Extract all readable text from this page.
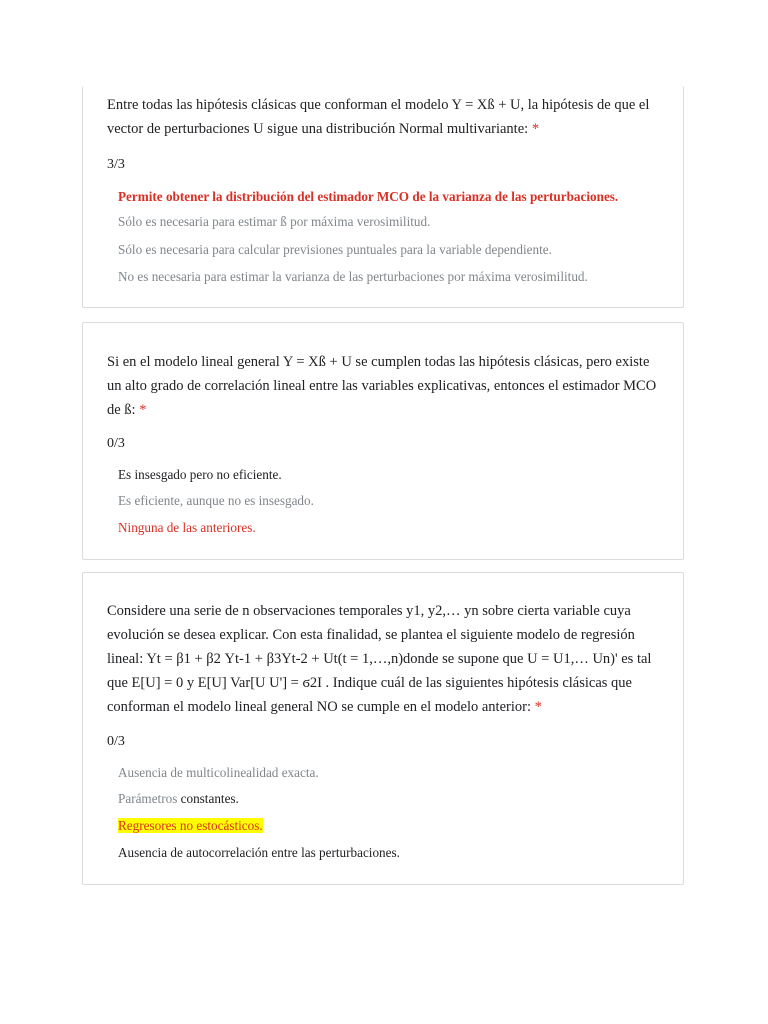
Entre todas las hipótesis clásicas que conforman el modelo Y = Xß + U, la hipótesis de que el vector de perturbaciones U sigue una distribución Normal multivariante: *

3/3
Permite obtener la distribución del estimador MCO de la varianza de las perturbaciones.
Sólo es necesaria para estimar ß por máxima verosimilitud.
Sólo es necesaria para calcular previsiones puntuales para la variable dependiente.
No es necesaria para estimar la varianza de las perturbaciones por máxima verosimilitud.

Si en el modelo lineal general Y = Xß + U se cumplen todas las hipótesis clásicas, pero existe un alto grado de correlación lineal entre las variables explicativas, entonces el estimador MCO de ß: *

0/3
Es insesgado pero no eficiente.
Es eficiente, aunque no es insesgado.
Ninguna de las anteriores.

Considere una serie de n observaciones temporales y1, y2,… yn sobre cierta variable cuya evolución se desea explicar. Con esta finalidad, se plantea el siguiente modelo de regresión lineal: Yt = β1 + β2 Yt-1 + β3Yt-2 + Ut(t = 1,…,n)donde se supone que U = U1,… Un)' es tal que E[U] = 0 y E[U] Var[U U'] = ϭ2I . Indique cuál de las siguientes hipótesis clásicas que conforman el modelo lineal general NO se cumple en el modelo anterior: *

0/3
Ausencia de multicolinealidad exacta.
Parámetros constantes.
Regresores no estocásticos.
Ausencia de autocorrelación entre las perturbaciones.
